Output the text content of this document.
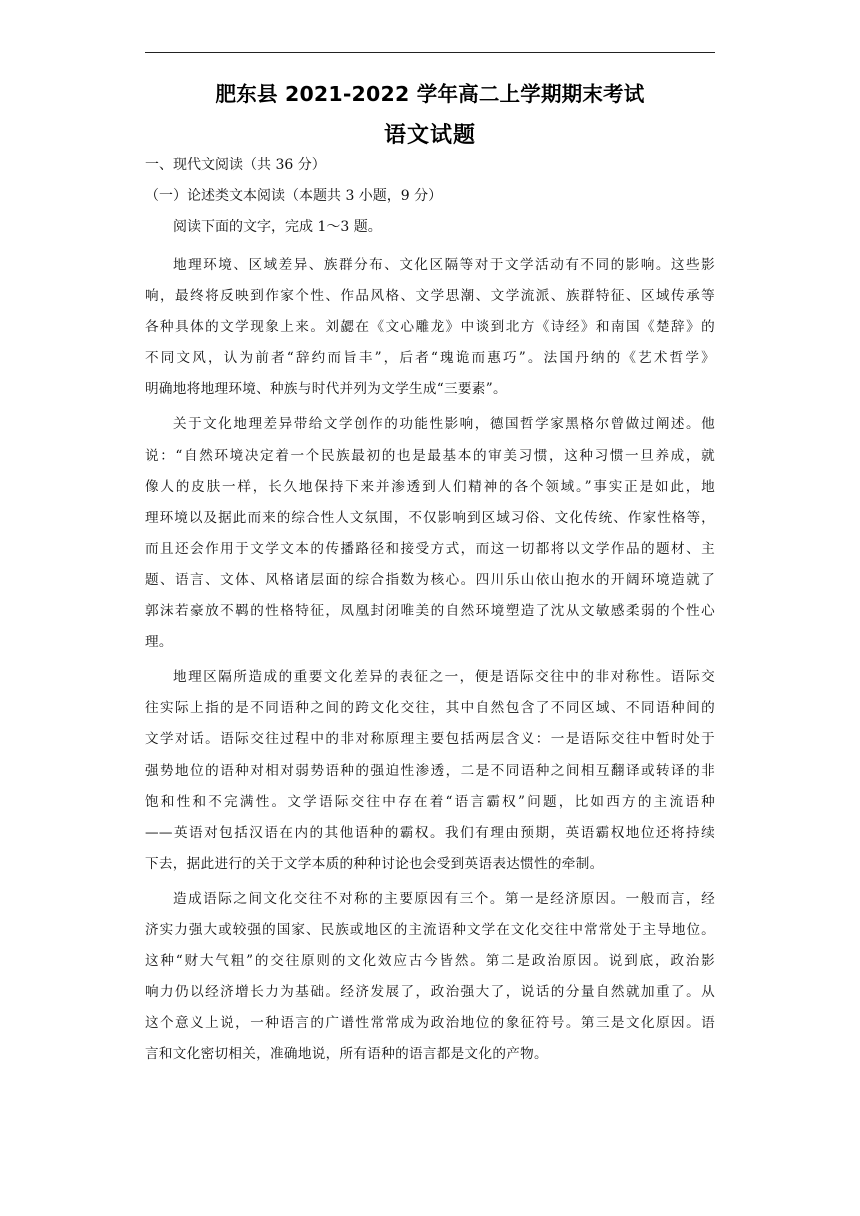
肥东县 2021-2022 学年高二上学期期末考试
语文试题
一、现代文阅读（共 36 分）
（一）论述类文本阅读（本题共 3 小题，9 分）
阅读下面的文字，完成 1～3 题。
地理环境、区域差异、族群分布、文化区隔等对于文学活动有不同的影响。这些影
响，最终将反映到作家个性、作品风格、文学思潮、文学流派、族群特征、区域传承等
各种具体的文学现象上来。刘勰在《文心雕龙》中谈到北方《诗经》和南国《楚辞》的
不同文风，认为前者“辞约而旨丰”，后者“瑰诡而惠巧”。法国丹纳的《艺术哲学》
明确地将地理环境、种族与时代并列为文学生成“三要素”。
关于文化地理差异带给文学创作的功能性影响，德国哲学家黑格尔曾做过阐述。他
说：“自然环境决定着一个民族最初的也是最基本的审美习惯，这种习惯一旦养成，就
像人的皮肤一样，长久地保持下来并渗透到人们精神的各个领域。”事实正是如此，地
理环境以及据此而来的综合性人文氛围，不仅影响到区域习俗、文化传统、作家性格等，
而且还会作用于文学文本的传播路径和接受方式，而这一切都将以文学作品的题材、主
题、语言、文体、风格诸层面的综合指数为核心。四川乐山依山抱水的开阔环境造就了
郭沫若豪放不羁的性格特征，凤凰封闭唯美的自然环境塑造了沈从文敏感柔弱的个性心
理。
地理区隔所造成的重要文化差异的表征之一，便是语际交往中的非对称性。语际交
往实际上指的是不同语种之间的跨文化交往，其中自然包含了不同区域、不同语种间的
文学对话。语际交往过程中的非对称原理主要包括两层含义：一是语际交往中暂时处于
强势地位的语种对相对弱势语种的强迫性渗透，二是不同语种之间相互翻译或转译的非
饱和性和不完满性。文学语际交往中存在着“语言霸权”问题，比如西方的主流语种
——英语对包括汉语在内的其他语种的霸权。我们有理由预期，英语霸权地位还将持续
下去，据此进行的关于文学本质的种种讨论也会受到英语表达惯性的牵制。
造成语际之间文化交往不对称的主要原因有三个。第一是经济原因。一般而言，经
济实力强大或较强的国家、民族或地区的主流语种文学在文化交往中常常处于主导地位。
这种“财大气粗”的交往原则的文化效应古今皆然。第二是政治原因。说到底，政治影
响力仍以经济增长力为基础。经济发展了，政治强大了，说话的分量自然就加重了。从
这个意义上说，一种语言的广谱性常常成为政治地位的象征符号。第三是文化原因。语
言和文化密切相关，准确地说，所有语种的语言都是文化的产物。
